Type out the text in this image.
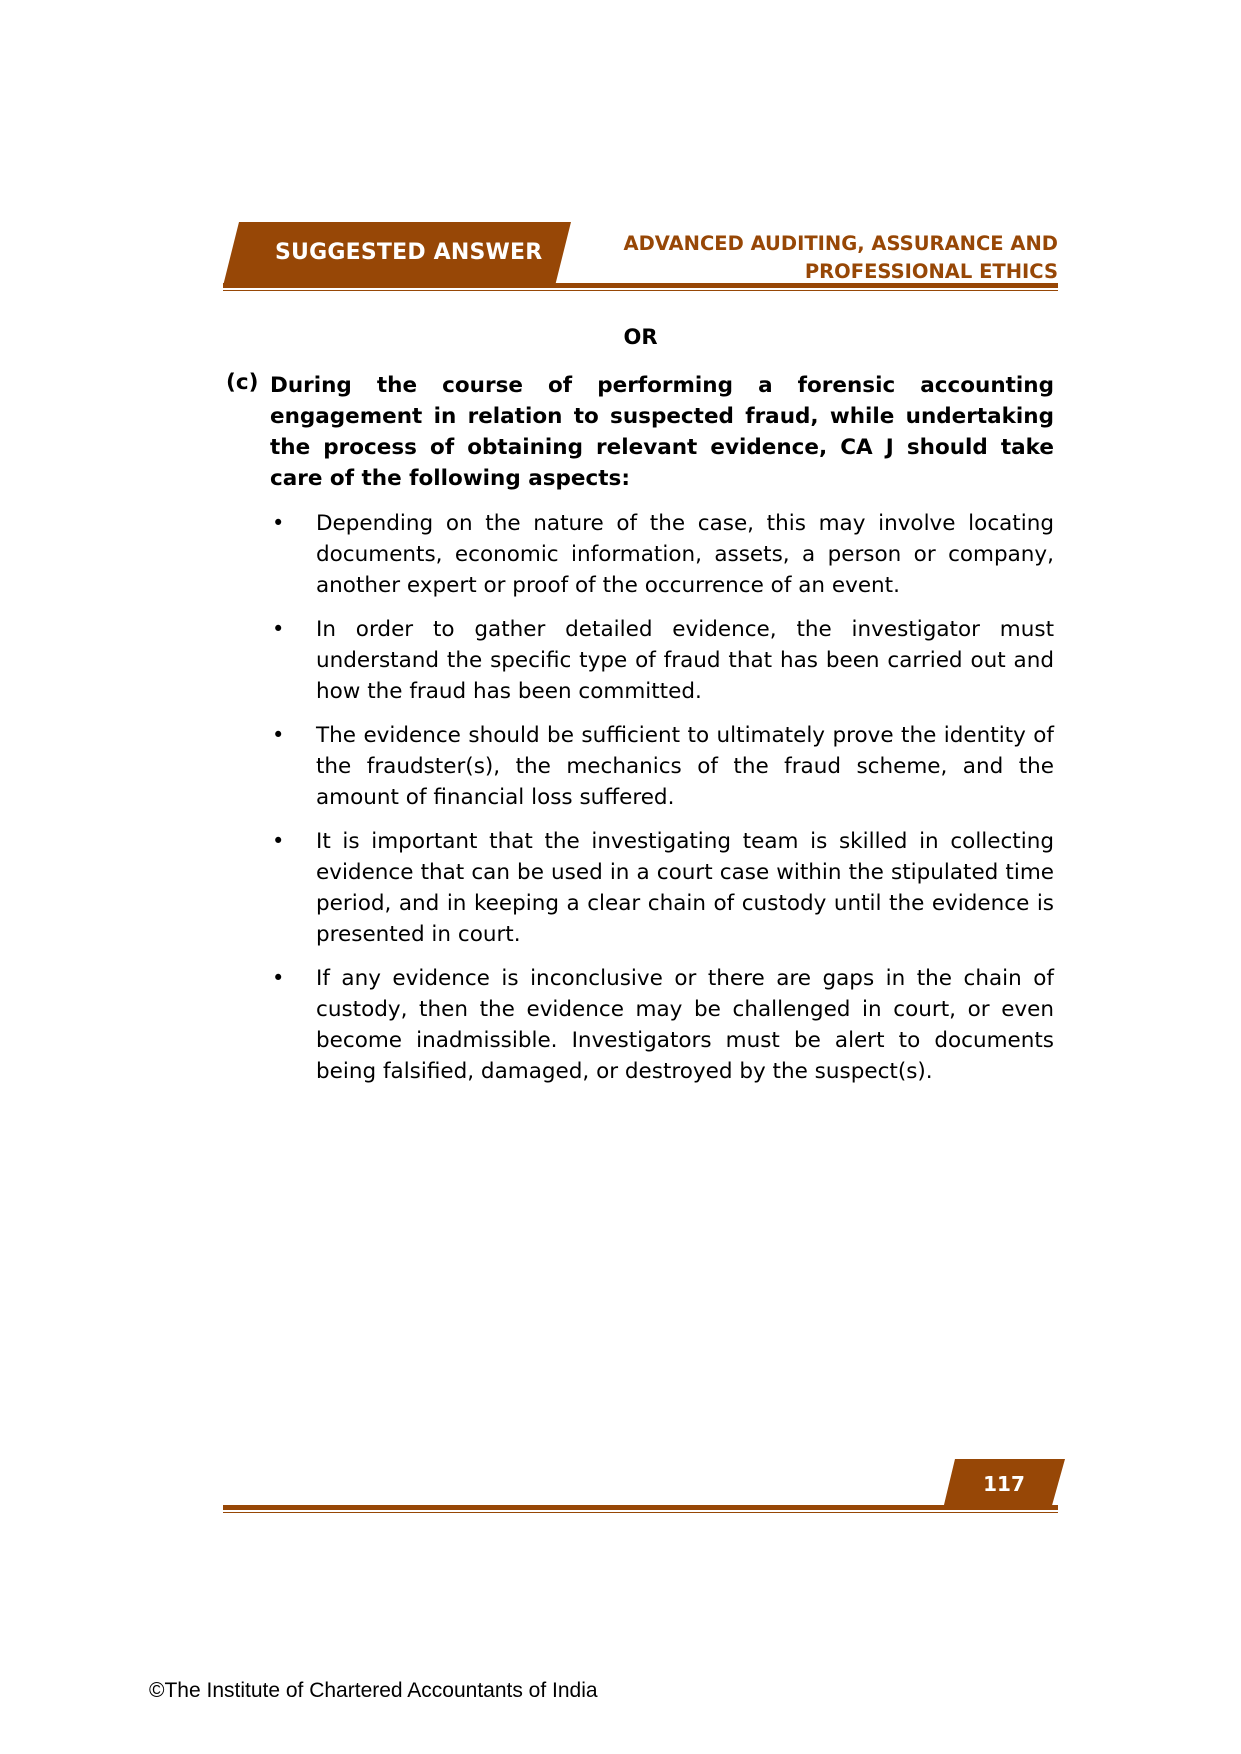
SUGGESTED ANSWER	ADVANCED AUDITING, ASSURANCE AND
PROFESSIONAL ETHICS
OR
(c) During the course of performing a forensic accounting engagement in relation to suspected fraud, while undertaking the process of obtaining relevant evidence, CA J should take care of the following aspects:
• Depending on the nature of the case, this may involve locating documents, economic information, assets, a person or company, another expert or proof of the occurrence of an event.
• In order to gather detailed evidence, the investigator must understand the specific type of fraud that has been carried out and how the fraud has been committed.
• The evidence should be sufficient to ultimately prove the identity of the fraudster(s), the mechanics of the fraud scheme, and the amount of financial loss suffered.
• It is important that the investigating team is skilled in collecting evidence that can be used in a court case within the stipulated time period, and in keeping a clear chain of custody until the evidence is presented in court.
• If any evidence is inconclusive or there are gaps in the chain of custody, then the evidence may be challenged in court, or even become inadmissible. Investigators must be alert to documents being falsified, damaged, or destroyed by the suspect(s).
117
©The Institute of Chartered Accountants of India
